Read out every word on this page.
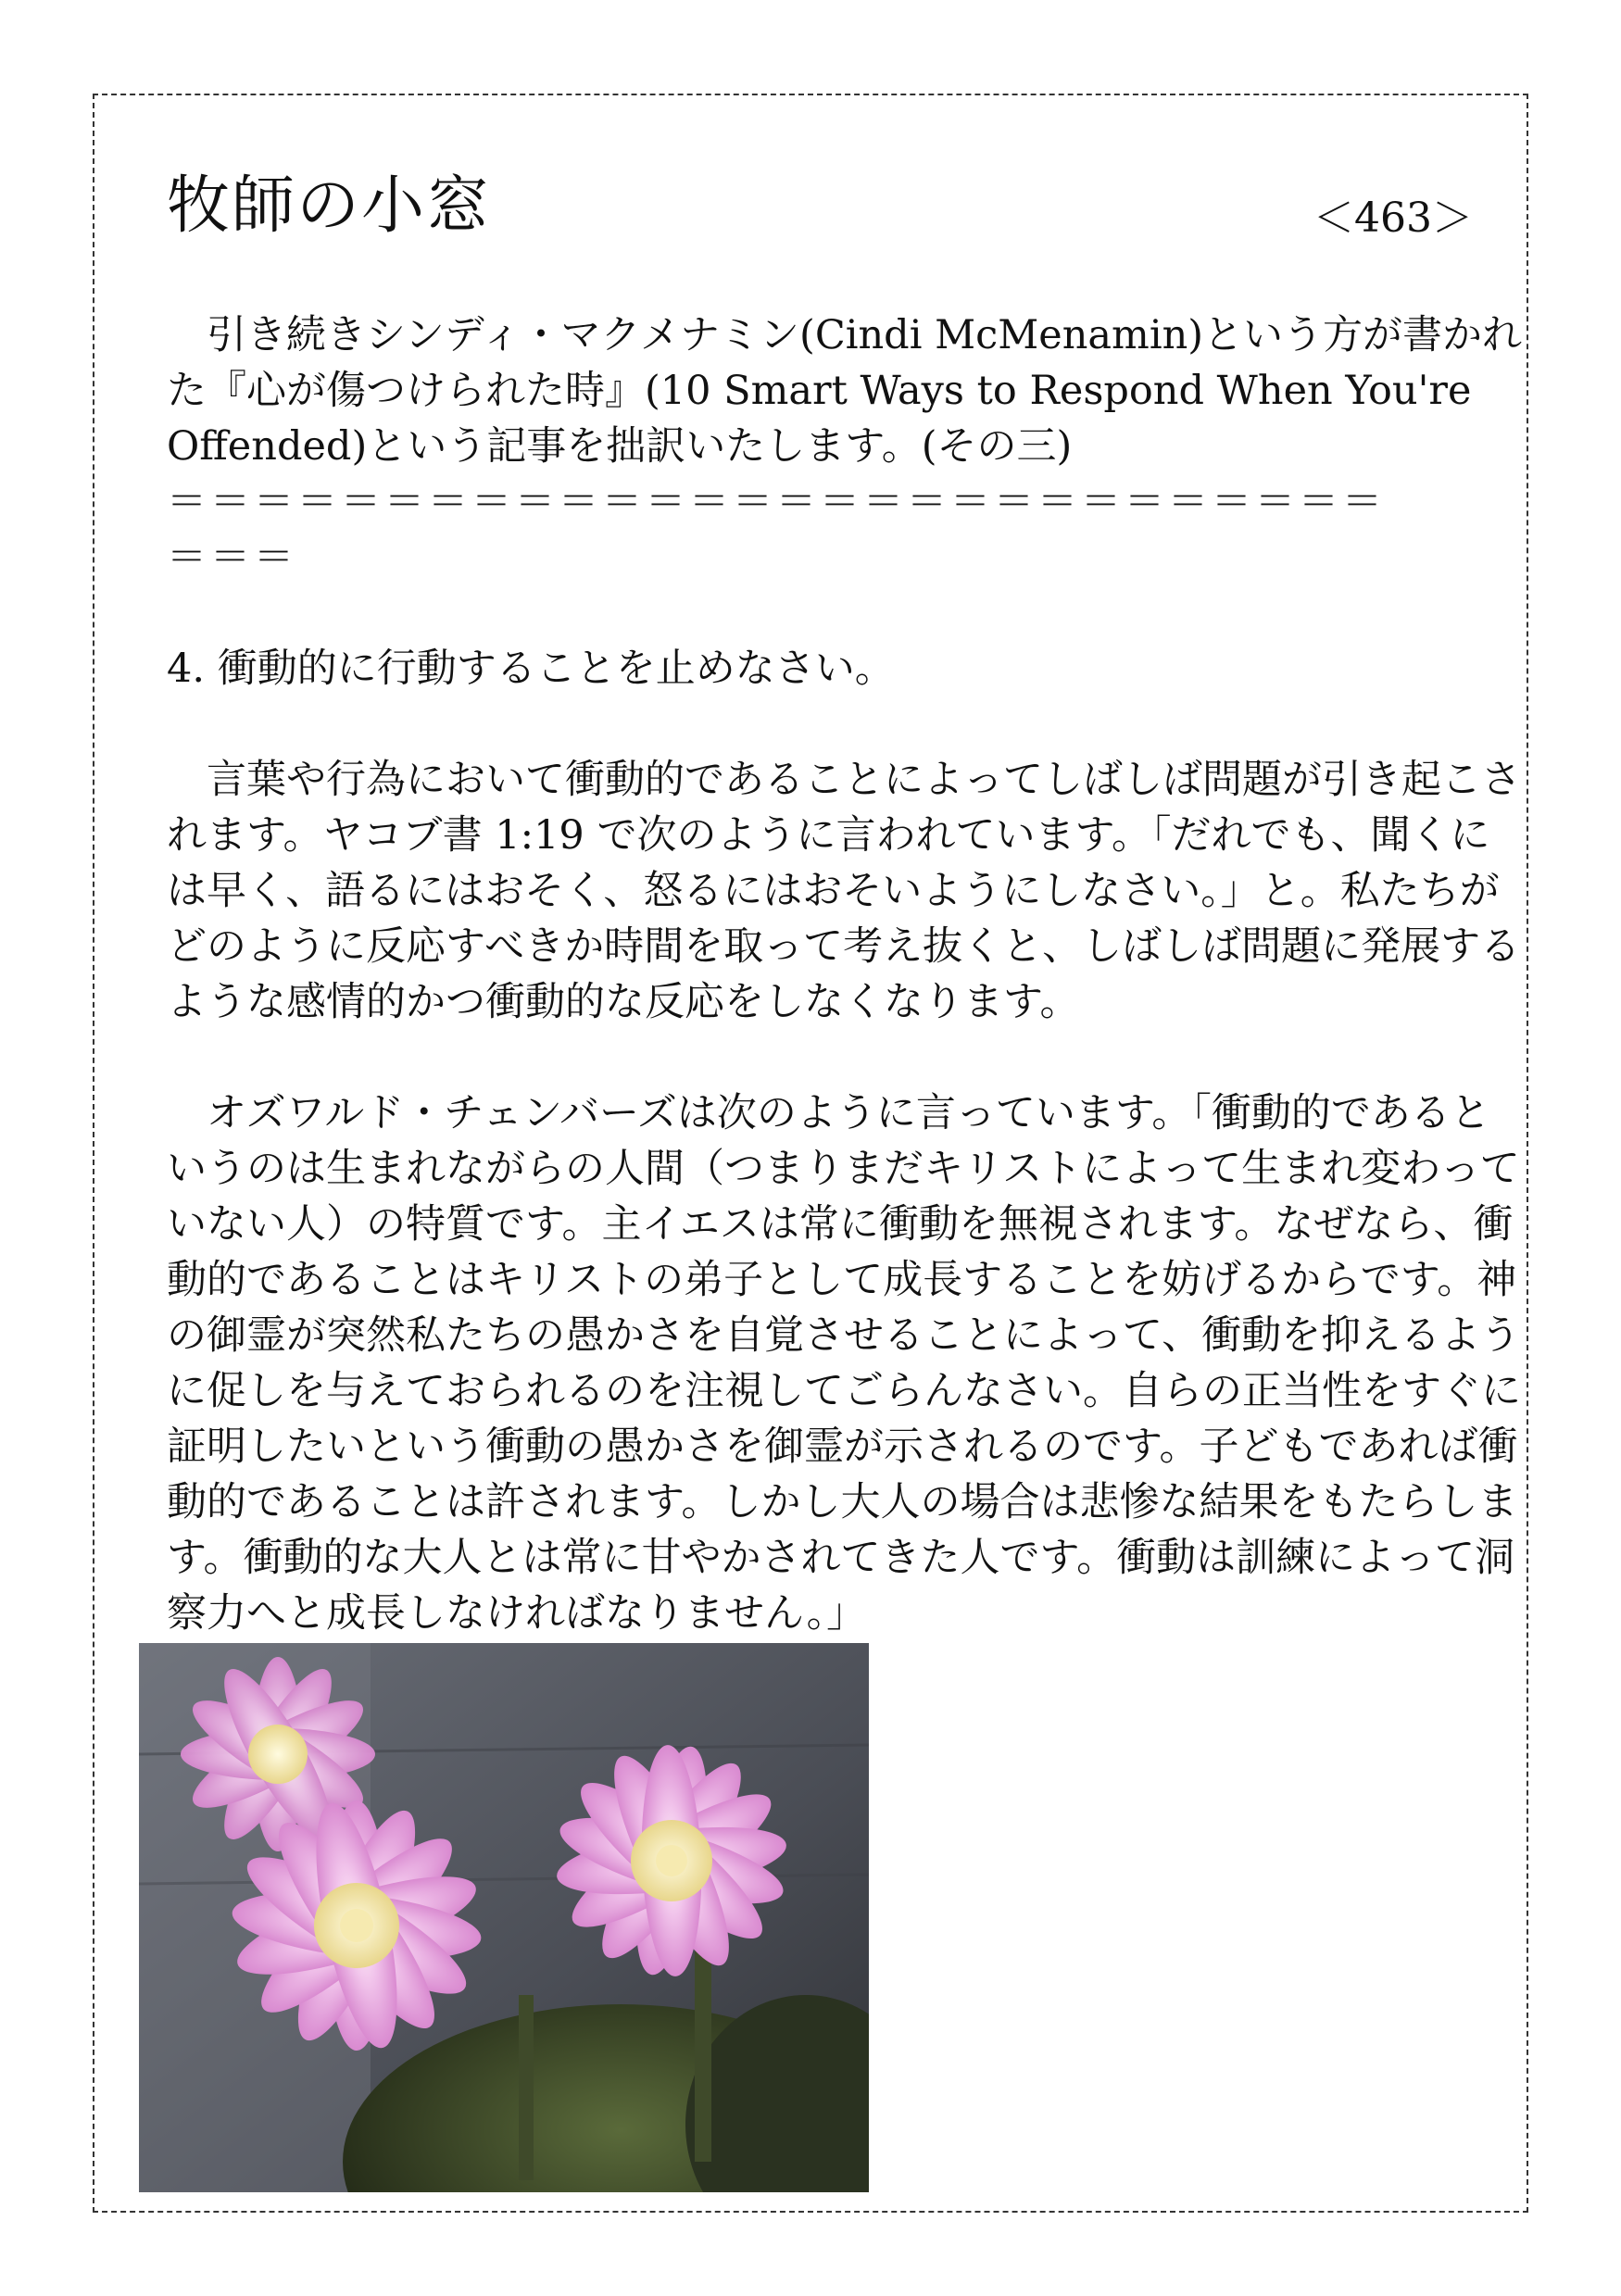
牧師の小窓	＜463＞

引き続きシンディ・マクメナミン(Cindi McMenamin)という方が書かれた『心が傷つけられた時』(10 Smart Ways to Respond When You're Offended)という記事を拙訳いたします。(その三)

＝＝＝＝＝＝＝＝＝＝＝＝＝＝＝＝＝＝＝＝＝＝＝＝＝＝＝＝＝＝＝

4. 衝動的に行動することを止めなさい。

言葉や行為において衝動的であることによってしばしば問題が引き起こされます。ヤコブ書 1:19 で次のように言われています。「だれでも、聞くには早く、語るにはおそく、怒るにはおそいようにしなさい。」と。私たちがどのように反応すべきか時間を取って考え抜くと、しばしば問題に発展するような感情的かつ衝動的な反応をしなくなります。

オズワルド・チェンバーズは次のように言っています。「衝動的であるというのは生まれながらの人間（つまりまだキリストによって生まれ変わっていない人）の特質です。主イエスは常に衝動を無視されます。なぜなら、衝動的であることはキリストの弟子として成長することを妨げるからです。神の御霊が突然私たちの愚かさを自覚させることによって、衝動を抑えるように促しを与えておられるのを注視してごらんなさい。自らの正当性をすぐに証明したいという衝動の愚かさを御霊が示されるのです。子どもであれば衝動的であることは許されます。しかし大人の場合は悲惨な結果をもたらします。衝動的な大人とは常に甘やかされてきた人です。衝動は訓練によって洞察力へと成長しなければなりません。」
